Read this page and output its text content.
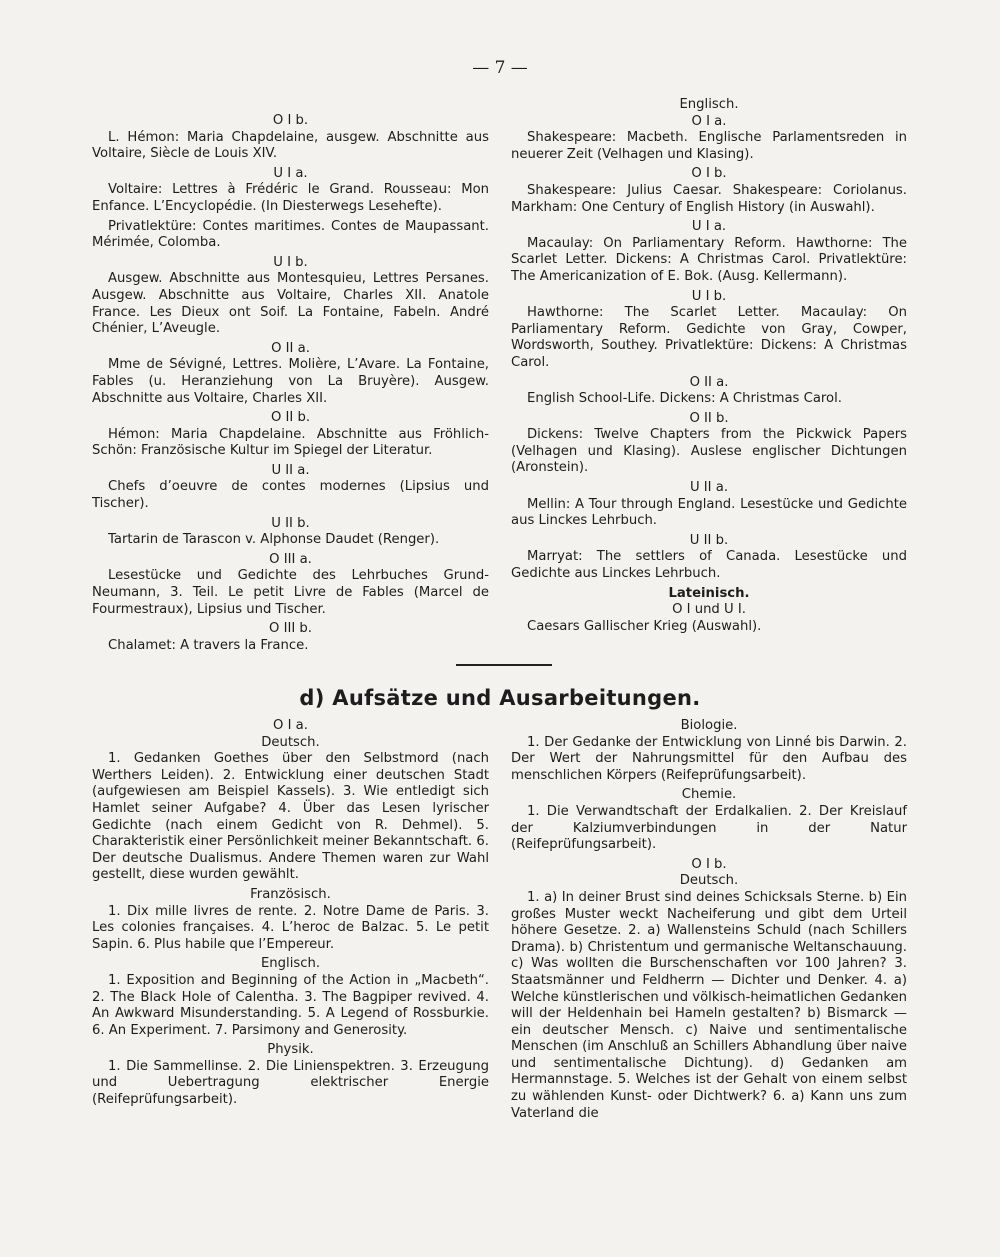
— 7 —

O I b.

L. Hémon: Maria Chapdelaine, ausgew. Abschnitte aus Voltaire, Siècle de Louis XIV.

U I a.

Voltaire: Lettres à Frédéric le Grand. Rousseau: Mon Enfance. L’Encyclopédie. (In Diesterwegs Lesehefte).

Privatlektüre: Contes maritimes. Contes de Maupassant. Mérimée, Colomba.

U I b.

Ausgew. Abschnitte aus Montesquieu, Lettres Persanes. Ausgew. Abschnitte aus Voltaire, Charles XII. Anatole France. Les Dieux ont Soif. La Fontaine, Fabeln. André Chénier, L’Aveugle.

O II a.

Mme de Sévigné, Lettres. Molière, L’Avare. La Fontaine, Fables (u. Heranziehung von La Bruyère). Ausgew. Abschnitte aus Voltaire, Charles XII.

O II b.

Hémon: Maria Chapdelaine. Abschnitte aus Fröhlich-Schön: Französische Kultur im Spiegel der Literatur.

U II a.

Chefs d’oeuvre de contes modernes (Lipsius und Tischer).

U II b.

Tartarin de Tarascon v. Alphonse Daudet (Renger).

O III a.

Lesestücke und Gedichte des Lehrbuches Grund-Neumann, 3. Teil. Le petit Livre de Fables (Marcel de Fourmestraux), Lipsius und Tischer.

O III b.

Chalamet: A travers la France.

Englisch.

O I a.

Shakespeare: Macbeth. Englische Parlamentsreden in neuerer Zeit (Velhagen und Klasing).

O I b.

Shakespeare: Julius Caesar. Shakespeare: Coriolanus. Markham: One Century of English History (in Auswahl).

U I a.

Macaulay: On Parliamentary Reform. Hawthorne: The Scarlet Letter. Dickens: A Christmas Carol. Privatlektüre: The Americanization of E. Bok. (Ausg. Kellermann).

U I b.

Hawthorne: The Scarlet Letter. Macaulay: On Parliamentary Reform. Gedichte von Gray, Cowper, Wordsworth, Southey. Privatlektüre: Dickens: A Christmas Carol.

O II a.

English School-Life. Dickens: A Christmas Carol.

O II b.

Dickens: Twelve Chapters from the Pickwick Papers (Velhagen und Klasing). Auslese englischer Dichtungen (Aronstein).

U II a.

Mellin: A Tour through England. Lesestücke und Gedichte aus Linckes Lehrbuch.

U II b.

Marryat: The settlers of Canada. Lesestücke und Gedichte aus Linckes Lehrbuch.

Lateinisch.

O I und U I.

Caesars Gallischer Krieg (Auswahl).

d) Aufsätze und Ausarbeitungen.

O I a.

Deutsch.

1. Gedanken Goethes über den Selbstmord (nach Werthers Leiden). 2. Entwicklung einer deutschen Stadt (aufgewiesen am Beispiel Kassels). 3. Wie entledigt sich Hamlet seiner Aufgabe? 4. Über das Lesen lyrischer Gedichte (nach einem Gedicht von R. Dehmel). 5. Charakteristik einer Persönlichkeit meiner Bekanntschaft. 6. Der deutsche Dualismus. Andere Themen waren zur Wahl gestellt, diese wurden gewählt.

Französisch.

1. Dix mille livres de rente. 2. Notre Dame de Paris. 3. Les colonies françaises. 4. L’heroc de Balzac. 5. Le petit Sapin. 6. Plus habile que l’Empereur.

Englisch.

1. Exposition and Beginning of the Action in „Macbeth“. 2. The Black Hole of Calentha. 3. The Bagpiper revived. 4. An Awkward Misunderstanding. 5. A Legend of Rossburkie. 6. An Experiment. 7. Parsimony and Generosity.

Physik.

1. Die Sammellinse. 2. Die Linienspektren. 3. Erzeugung und Uebertragung elektrischer Energie (Reifeprüfungsarbeit).

Biologie.

1. Der Gedanke der Entwicklung von Linné bis Darwin. 2. Der Wert der Nahrungsmittel für den Aufbau des menschlichen Körpers (Reifeprüfungsarbeit).

Chemie.

1. Die Verwandtschaft der Erdalkalien. 2. Der Kreislauf der Kalziumverbindungen in der Natur (Reifeprüfungsarbeit).

O I b.

Deutsch.

1. a) In deiner Brust sind deines Schicksals Sterne. b) Ein großes Muster weckt Nacheiferung und gibt dem Urteil höhere Gesetze. 2. a) Wallensteins Schuld (nach Schillers Drama). b) Christentum und germanische Weltanschauung. c) Was wollten die Burschenschaften vor 100 Jahren? 3. Staatsmänner und Feldherrn — Dichter und Denker. 4. a) Welche künstlerischen und völkisch-heimatlichen Gedanken will der Heldenhain bei Hameln gestalten? b) Bismarck — ein deutscher Mensch. c) Naive und sentimentalische Menschen (im Anschluß an Schillers Abhandlung über naive und sentimentalische Dichtung). d) Gedanken am Hermannstage. 5. Welches ist der Gehalt von einem selbst zu wählenden Kunst- oder Dichtwerk? 6. a) Kann uns zum Vaterland die
